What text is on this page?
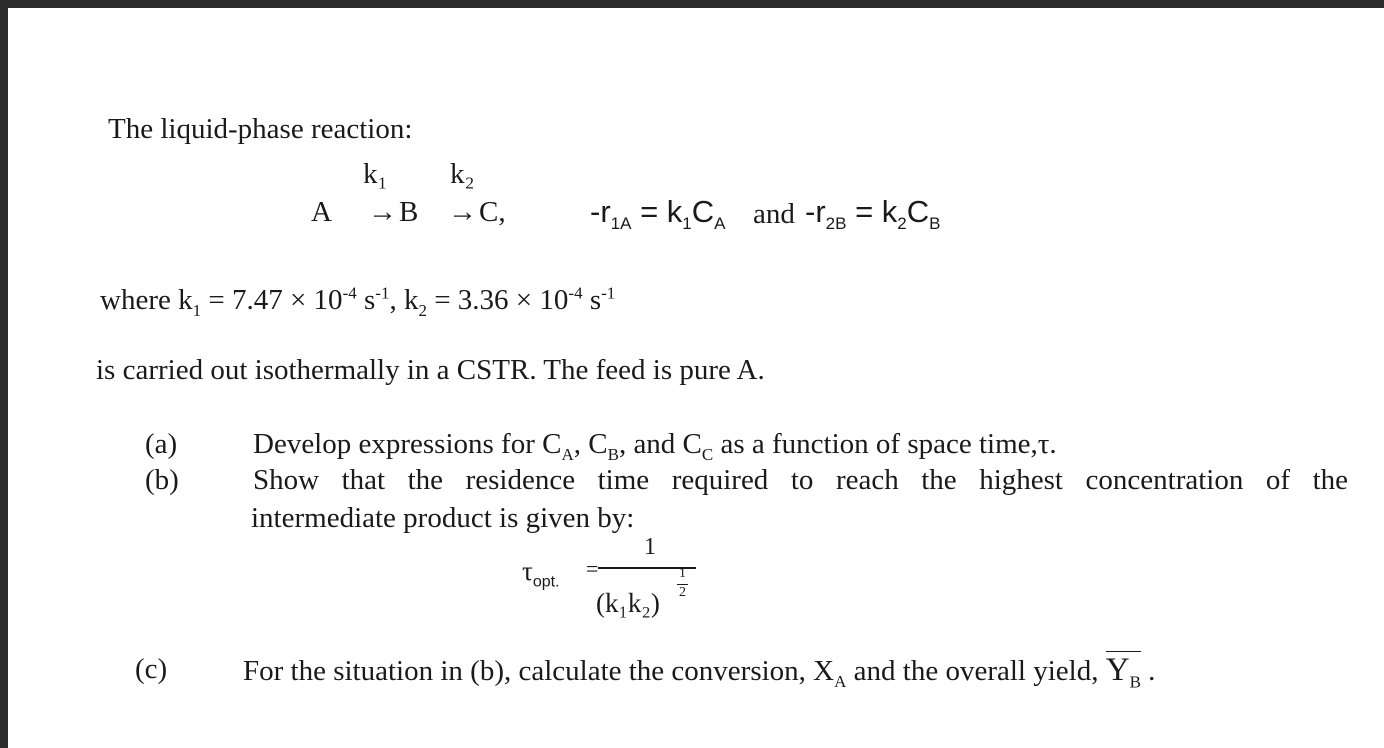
The liquid-phase reaction:
k₁ k₂
A → B → C,	$-r_{1A} = k_1C_A$ and $-r_{2B} = k_2C_B$
where $k_1 = 7.47 \times 10^{-4}$ $s^{-1}$, $k_2 = 3.36 \times 10^{-4}$ $s^{-1}$
is carried out isothermally in a CSTR. The feed is pure A.
(a)	Develop expressions for $C_A$, $C_B$, and $C_C$ as a function of space time,τ.
(b)	Show that the residence time required to reach the highest concentration of the
intermediate product is given by:
$\tau_{opt.}$
=
1
(k₁k₂)
1
2
(c)	For the situation in (b), calculate the conversion, $X_A$ and the overall yield, $Y_B$ .
